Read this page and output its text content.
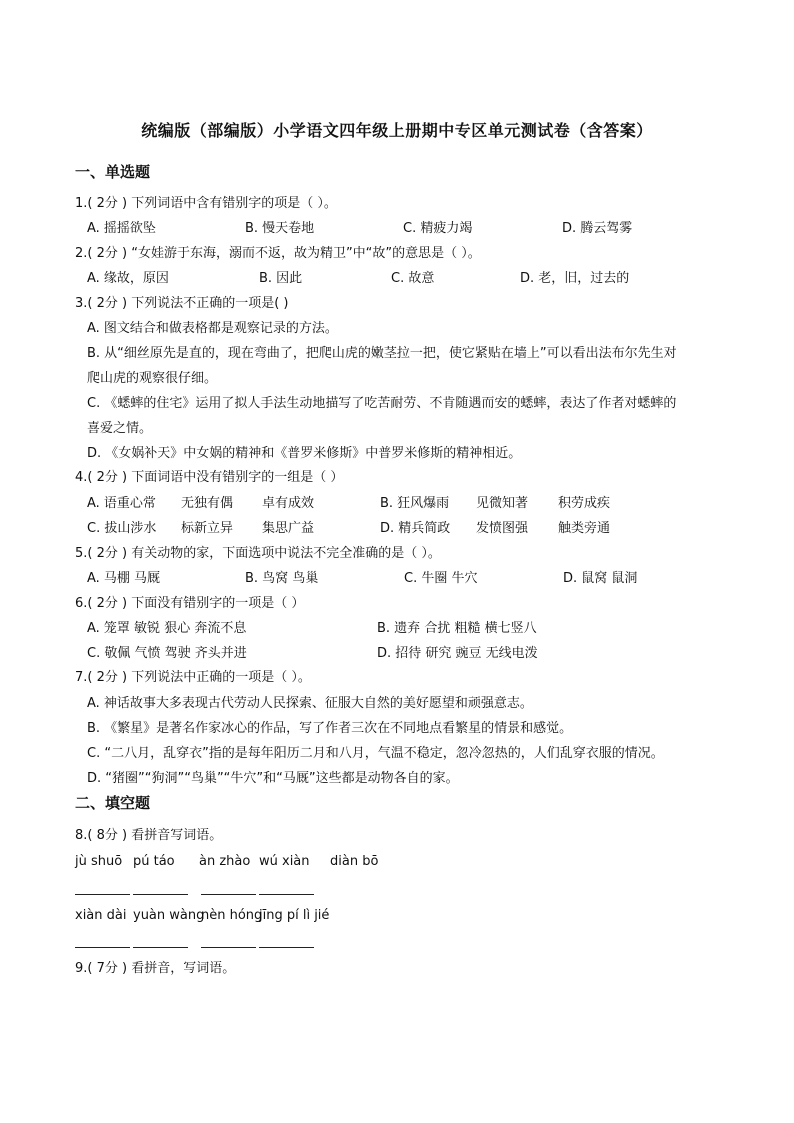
统编版（部编版）小学语文四年级上册期中专区单元测试卷（含答案）
一、单选题
1.( 2分 ) 下列词语中含有错别字的项是（ ）。
A. 摇摇欲坠	B. 慢天卷地	C. 精疲力竭	D. 腾云驾雾
2.( 2分 ) “女娃游于东海，溺而不返，故为精卫”中“故”的意思是（ ）。
A. 缘故，原因	B. 因此	C. 故意	D. 老，旧，过去的
3.( 2分 ) 下列说法不正确的一项是( )
A. 图文结合和做表格都是观察记录的方法。
B. 从“细丝原先是直的，现在弯曲了，把爬山虎的嫩茎拉一把，使它紧贴在墙上”可以看出法布尔先生对
爬山虎的观察很仔细。
C. 《蟋蟀的住宅》运用了拟人手法生动地描写了吃苦耐劳、不肯随遇而安的蟋蟀，表达了作者对蟋蟀的
喜爱之情。
D. 《女娲补天》中女娲的精神和《普罗米修斯》中普罗米修斯的精神相近。
4.( 2分 ) 下面词语中没有错别字的一组是（ ）
A. 语重心常 无独有偶 卓有成效	B. 狂风爆雨 见微知著 积劳成疾
C. 拔山涉水 标新立异 集思广益	D. 精兵简政 发愤图强 触类旁通
5.( 2分 ) 有关动物的家，下面选项中说法不完全准确的是（ ）。
A. 马棚 马厩	B. 鸟窝 鸟巢	C. 牛圈 牛穴	D. 鼠窝 鼠洞
6.( 2分 ) 下面没有错别字的一项是（ ）
A. 笼罩 敏锐 狠心 奔流不息	B. 遗弃 合扰 粗糙 横七竖八
C. 敬佩 气愤 驾驶 齐头并进	D. 招待 研究 豌豆 无线电泼
7.( 2分 ) 下列说法中正确的一项是（ ）。
A. 神话故事大多表现古代劳动人民探索、征服大自然的美好愿望和顽强意志。
B. 《繁星》是著名作家冰心的作品，写了作者三次在不同地点看繁星的情景和感觉。
C. “二八月，乱穿衣”指的是每年阳历二月和八月，气温不稳定，忽冷忽热的，人们乱穿衣服的情况。
D. “猪圈”“狗洞”“鸟巢”“牛穴”和“马厩”这些都是动物各自的家。
二、填空题
8.( 8分 ) 看拼音写词语。
jù shuō pú táo àn zhào wú xiàn diàn bō
xiàn dài yuàn wàng
nèn hóng
jīng pí lì jié
9.( 7分 ) 看拼音，写词语。
